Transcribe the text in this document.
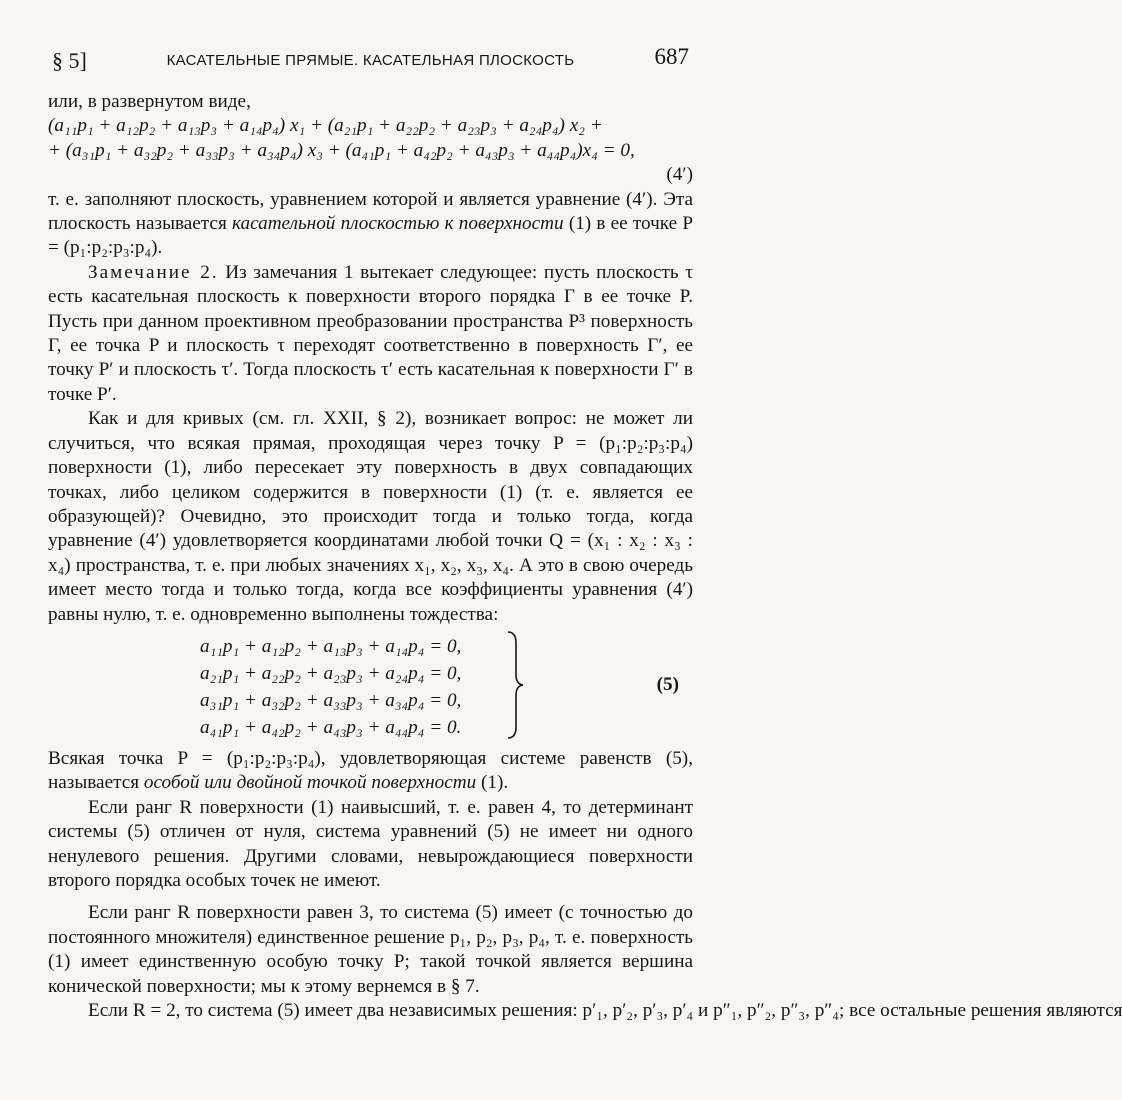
§ 5]	КАСАТЕЛЬНЫЕ ПРЯМЫЕ. КАСАТЕЛЬНАЯ ПЛОСКОСТЬ	687

или, в развернутом виде,

(a₁₁p₁ + a₁₂p₂ + a₁₃p₃ + a₁₄p₄) x₁ + (a₂₁p₁ + a₂₂p₂ + a₂₃p₃ + a₂₄p₄) x₂ +

+ (a₃₁p₁ + a₃₂p₂ + a₃₃p₃ + a₃₄p₄) x₃ + (a₄₁p₁ + a₄₂p₂ + a₄₃p₃ + a₄₄p₄)x₄ = 0,

(4′)

т. е. заполняют плоскость, уравнением которой и является уравнение (4′). Эта плоскость называется касательной плоскостью к поверхности (1) в ее точке P = (p₁:p₂:p₃:p₄).

Замечание 2. Из замечания 1 вытекает следующее: пусть плоскость τ есть касательная плоскость к поверхности второго порядка Γ в ее точке P. Пусть при данном проективном преобразовании пространства P³ поверхность Γ, ее точка P и плоскость τ переходят соответственно в поверхность Γ′, ее точку P′ и плоскость τ′. Тогда плоскость τ′ есть касательная к поверхности Γ′ в точке P′.

Как и для кривых (см. гл. XXII, § 2), возникает вопрос: не может ли случиться, что всякая прямая, проходящая через точку P = (p₁:p₂:p₃:p₄) поверхности (1), либо пересекает эту поверхность в двух совпадающих точках, либо целиком содержится в поверхности (1) (т. е. является ее образующей)? Очевидно, это происходит тогда и только тогда, когда уравнение (4′) удовлетворяется координатами любой точки Q = (x₁ : x₂ : x₃ : x₄) пространства, т. е. при любых значениях x₁, x₂, x₃, x₄. А это в свою очередь имеет место тогда и только тогда, когда все коэффициенты уравнения (4′) равны нулю, т. е. одновременно выполнены тождества:

a₁₁p₁ + a₁₂p₂ + a₁₃p₃ + a₁₄p₄ = 0,
a₂₁p₁ + a₂₂p₂ + a₂₃p₃ + a₂₄p₄ = 0,
a₃₁p₁ + a₃₂p₂ + a₃₃p₃ + a₃₄p₄ = 0,
a₄₁p₁ + a₄₂p₂ + a₄₃p₃ + a₄₄p₄ = 0.
(5)

Всякая точка P = (p₁:p₂:p₃:p₄), удовлетворяющая системе равенств (5), называется особой или двойной точкой поверхности (1).

Если ранг R поверхности (1) наивысший, т. е. равен 4, то детерминант системы (5) отличен от нуля, система уравнений (5) не имеет ни одного ненулевого решения. Другими словами, невырождающиеся поверхности второго порядка особых точек не имеют.

Если ранг R поверхности равен 3, то система (5) имеет (с точностью до постоянного множителя) единственное решение p₁, p₂, p₃, p₄, т. е. поверхность (1) имеет единственную особую точку P; такой точкой является вершина конической поверхности; мы к этому вернемся в § 7.

Если R = 2, то система (5) имеет два независимых решения: p′₁, p′₂, p′₃, p′₄ и p″₁, p″₂, p″₃, p″₄; все остальные решения являются
